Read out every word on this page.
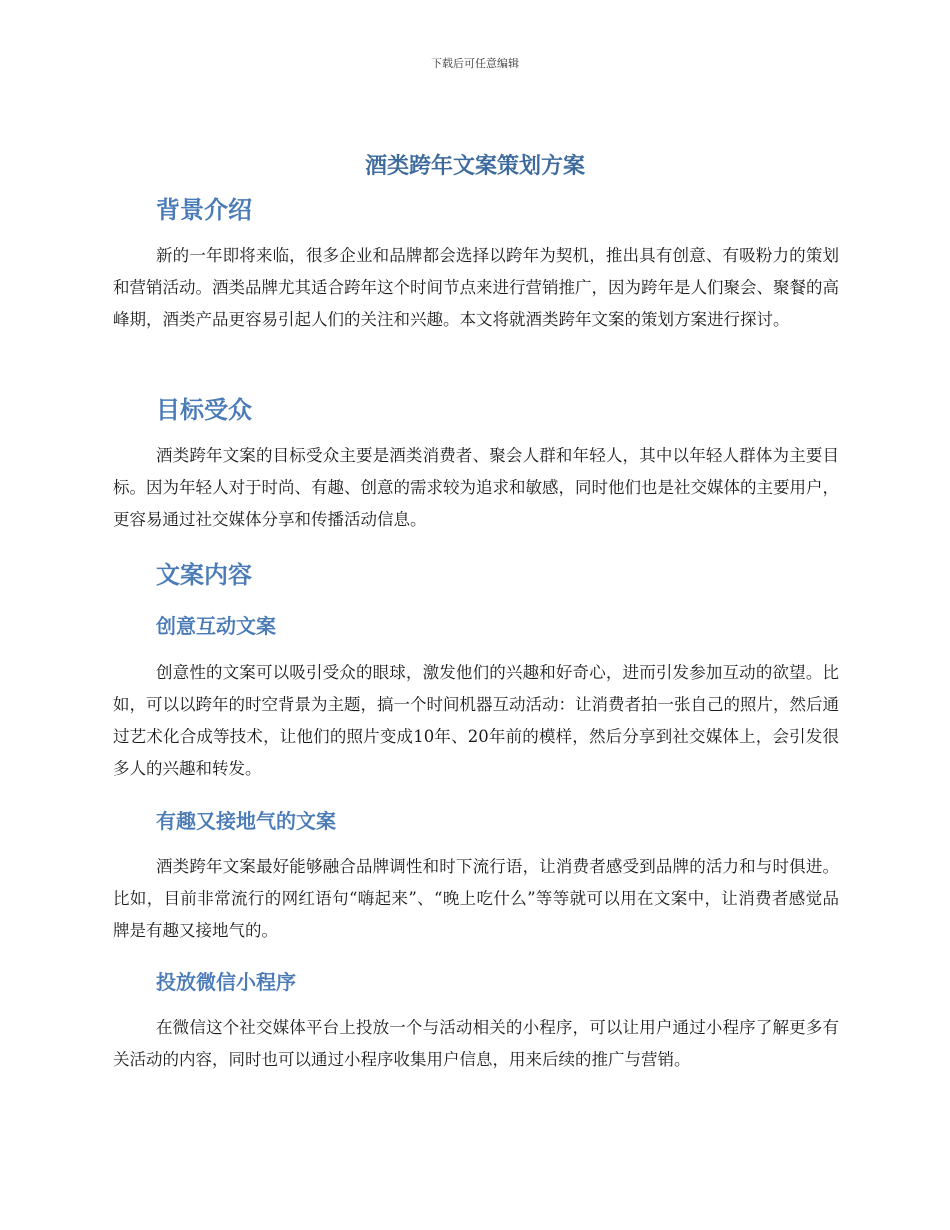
下载后可任意编辑
酒类跨年文案策划方案
背景介绍

新的一年即将来临，很多企业和品牌都会选择以跨年为契机，推出具有创意、有吸粉力的策划和营销活动。酒类品牌尤其适合跨年这个时间节点来进行营销推广，因为跨年是人们聚会、聚餐的高峰期，酒类产品更容易引起人们的关注和兴趣。本文将就酒类跨年文案的策划方案进行探讨。

目标受众

酒类跨年文案的目标受众主要是酒类消费者、聚会人群和年轻人，其中以年轻人群体为主要目标。因为年轻人对于时尚、有趣、创意的需求较为追求和敏感，同时他们也是社交媒体的主要用户，更容易通过社交媒体分享和传播活动信息。

文案内容
创意互动文案

创意性的文案可以吸引受众的眼球，激发他们的兴趣和好奇心，进而引发参加互动的欲望。比如，可以以跨年的时空背景为主题，搞一个时间机器互动活动：让消费者拍一张自己的照片，然后通过艺术化合成等技术，让他们的照片变成10年、20年前的模样，然后分享到社交媒体上，会引发很多人的兴趣和转发。

有趣又接地气的文案

酒类跨年文案最好能够融合品牌调性和时下流行语，让消费者感受到品牌的活力和与时俱进。比如，目前非常流行的网红语句“嗨起来”、“晚上吃什么”等等就可以用在文案中，让消费者感觉品牌是有趣又接地气的。

投放微信小程序

在微信这个社交媒体平台上投放一个与活动相关的小程序，可以让用户通过小程序了解更多有关活动的内容，同时也可以通过小程序收集用户信息，用来后续的推广与营销。
